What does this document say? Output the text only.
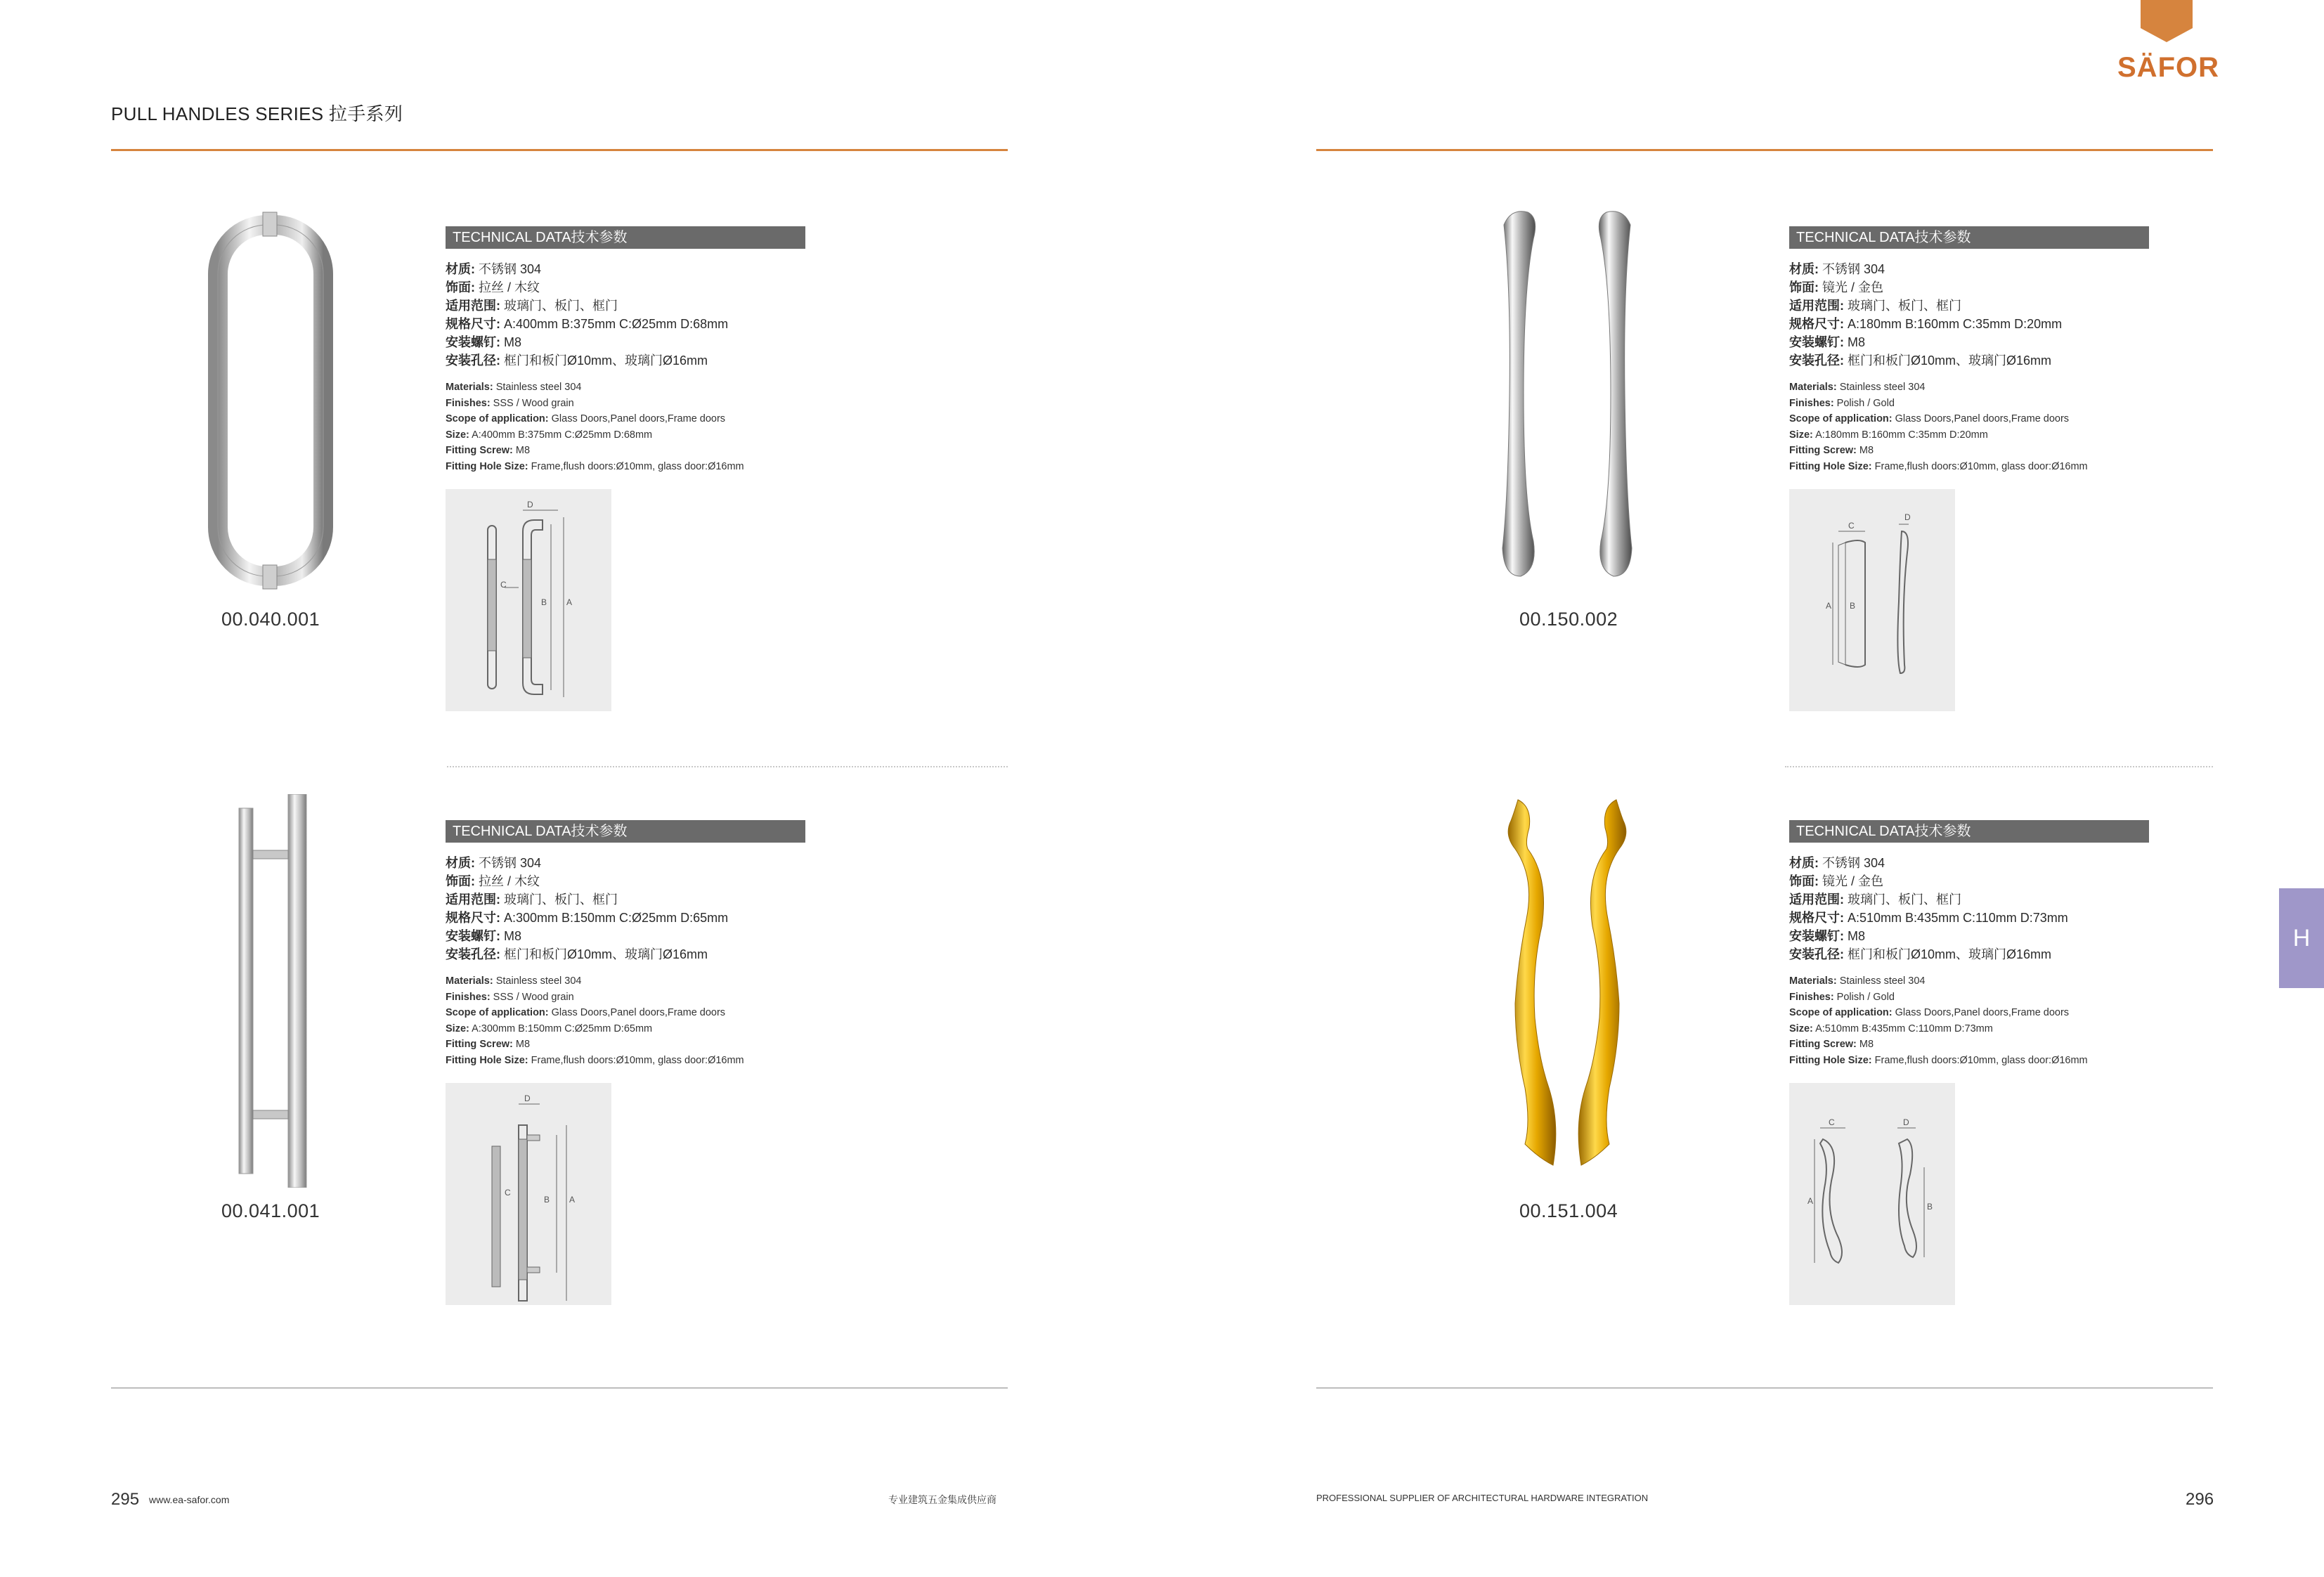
PULL HANDLES SERIES 拉手系列
SÄFOR
H
00.040.001
TECHNICAL DATA技术参数
材质: 不锈钢 304
饰面: 拉丝 / 木纹
适用范围: 玻璃门、板门、框门
规格尺寸: A:400mm B:375mm C:Ø25mm D:68mm
安装螺钉: M8
安装孔径: 框门和板门Ø10mm、玻璃门Ø16mm
Materials: Stainless steel 304
Finishes: SSS / Wood grain
Scope of application: Glass Doors,Panel doors,Frame doors
Size: A:400mm B:375mm C:Ø25mm D:68mm
Fitting Screw: M8
Fitting Hole Size: Frame,flush doors:Ø10mm, glass door:Ø16mm
D
C
B A
00.041.001
TECHNICAL DATA技术参数
材质: 不锈钢 304
饰面: 拉丝 / 木纹
适用范围: 玻璃门、板门、框门
规格尺寸: A:300mm B:150mm C:Ø25mm D:65mm
安装螺钉: M8
安装孔径: 框门和板门Ø10mm、玻璃门Ø16mm
Materials: Stainless steel 304
Finishes: SSS / Wood grain
Scope of application: Glass Doors,Panel doors,Frame doors
Size: A:300mm B:150mm C:Ø25mm D:65mm
Fitting Screw: M8
Fitting Hole Size: Frame,flush doors:Ø10mm, glass door:Ø16mm
D
C
B A
00.150.002
TECHNICAL DATA技术参数
材质: 不锈钢 304
饰面: 镜光 / 金色
适用范围: 玻璃门、板门、框门
规格尺寸: A:180mm B:160mm C:35mm D:20mm
安装螺钉: M8
安装孔径: 框门和板门Ø10mm、玻璃门Ø16mm
Materials: Stainless steel 304
Finishes: Polish / Gold
Scope of application: Glass Doors,Panel doors,Frame doors
Size: A:180mm B:160mm C:35mm D:20mm
Fitting Screw: M8
Fitting Hole Size: Frame,flush doors:Ø10mm, glass door:Ø16mm
C
D
A B
00.151.004
TECHNICAL DATA技术参数
材质: 不锈钢 304
饰面: 镜光 / 金色
适用范围: 玻璃门、板门、框门
规格尺寸: A:510mm B:435mm C:110mm D:73mm
安装螺钉: M8
安装孔径: 框门和板门Ø10mm、玻璃门Ø16mm
Materials: Stainless steel 304
Finishes: Polish / Gold
Scope of application: Glass Doors,Panel doors,Frame doors
Size: A:510mm B:435mm C:110mm D:73mm
Fitting Screw: M8
Fitting Hole Size: Frame,flush doors:Ø10mm, glass door:Ø16mm
C	D
A
B
295 www.ea-safor.com	专业建筑五金集成供应商	PROFESSIONAL SUPPLIER OF ARCHITECTURAL HARDWARE INTEGRATION	296
